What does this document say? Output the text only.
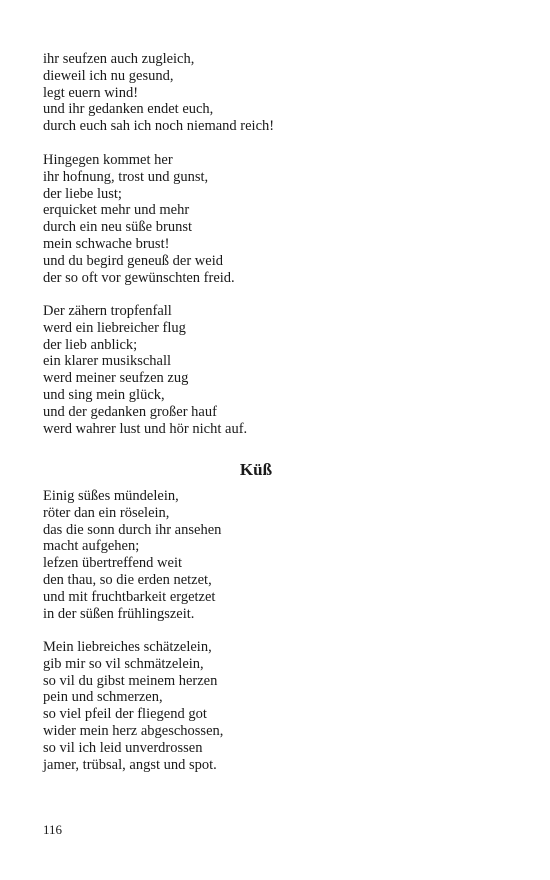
ihr seufzen auch zugleich,
dieweil ich nu gesund,
legt euern wind!
und ihr gedanken endet euch,
durch euch sah ich noch niemand reich!
Hingegen kommet her
ihr hofnung, trost und gunst,
der liebe lust;
erquicket mehr und mehr
durch ein neu süße brunst
mein schwache brust!
und du begird geneuß der weid
der so oft vor gewünschten freid.
Der zähern tropfenfall
werd ein liebreicher flug
der lieb anblick;
ein klarer musikschall
werd meiner seufzen zug
und sing mein glück,
und der gedanken großer hauf
werd wahrer lust und hör nicht auf.
Küß
Einig süßes mündelein,
röter dan ein röselein,
das die sonn durch ihr ansehen
macht aufgehen;
lefzen übertreffend weit
den thau, so die erden netzet,
und mit fruchtbarkeit ergetzet
in der süßen frühlingszeit.
Mein liebreiches schätzelein,
gib mir so vil schmätzelein,
so vil du gibst meinem herzen
pein und schmerzen,
so viel pfeil der fliegend got
wider mein herz abgeschossen,
so vil ich leid unverdrossen
jamer, trübsal, angst und spot.
116
